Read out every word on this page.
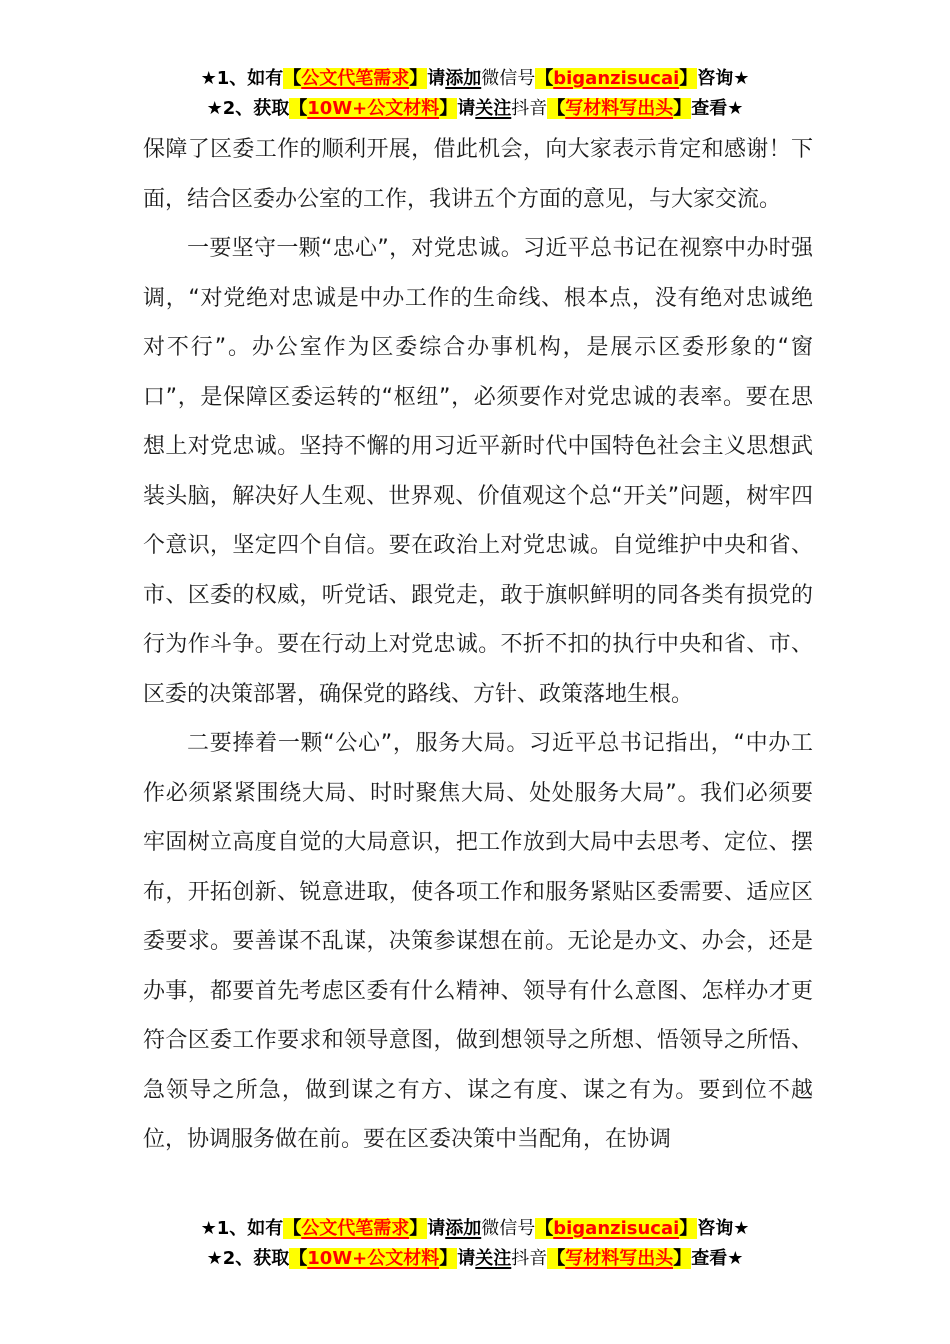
★1、如有【公文代笔需求】请添加微信号【biganzisucai】咨询★
★2、获取【10W+公文材料】请关注抖音【写材料写出头】查看★

保障了区委工作的顺利开展，借此机会，向大家表示肯定和感谢！下面，结合区委办公室的工作，我讲五个方面的意见，与大家交流。

一要坚守一颗“忠心”，对党忠诚。习近平总书记在视察中办时强调，“对党绝对忠诚是中办工作的生命线、根本点，没有绝对忠诚绝对不行”。办公室作为区委综合办事机构，是展示区委形象的“窗口”，是保障区委运转的“枢纽”，必须要作对党忠诚的表率。要在思想上对党忠诚。坚持不懈的用习近平新时代中国特色社会主义思想武装头脑，解决好人生观、世界观、价值观这个总“开关”问题，树牢四个意识，坚定四个自信。要在政治上对党忠诚。自觉维护中央和省、市、区委的权威，听党话、跟党走，敢于旗帜鲜明的同各类有损党的行为作斗争。要在行动上对党忠诚。不折不扣的执行中央和省、市、区委的决策部署，确保党的路线、方针、政策落地生根。

二要捧着一颗“公心”，服务大局。习近平总书记指出，“中办工作必须紧紧围绕大局、时时聚焦大局、处处服务大局”。我们必须要牢固树立高度自觉的大局意识，把工作放到大局中去思考、定位、摆布，开拓创新、锐意进取，使各项工作和服务紧贴区委需要、适应区委要求。要善谋不乱谋，决策参谋想在前。无论是办文、办会，还是办事，都要首先考虑区委有什么精神、领导有什么意图、怎样办才更符合区委工作要求和领导意图，做到想领导之所想、悟领导之所悟、急领导之所急，做到谋之有方、谋之有度、谋之有为。要到位不越位，协调服务做在前。要在区委决策中当配角，在协调

★1、如有【公文代笔需求】请添加微信号【biganzisucai】咨询★
★2、获取【10W+公文材料】请关注抖音【写材料写出头】查看★
